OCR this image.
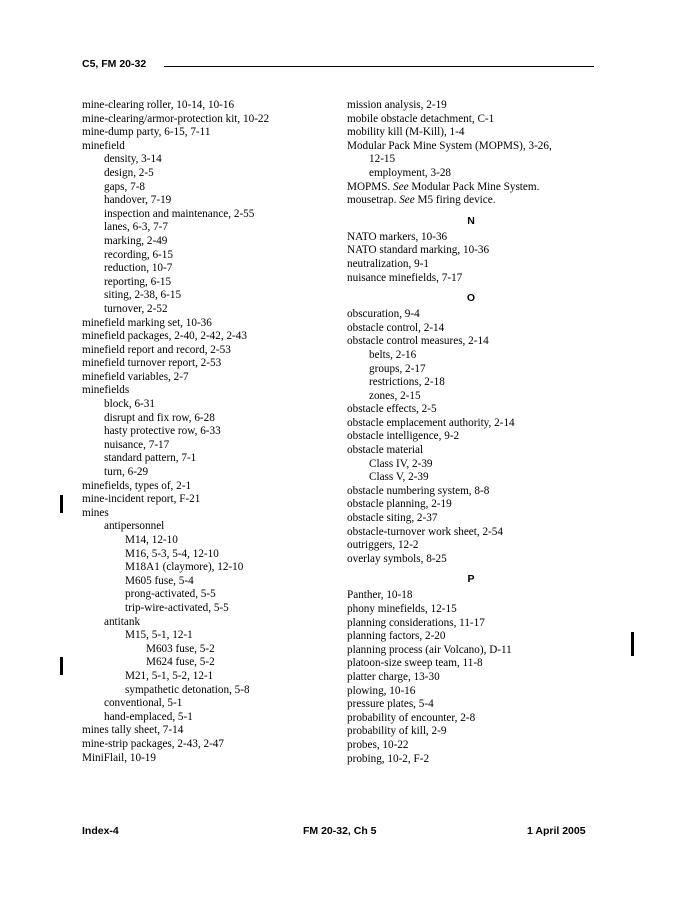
C5, FM 20-32
mine-clearing roller, 10-14, 10-16
mine-clearing/armor-protection kit, 10-22
mine-dump party, 6-15, 7-11
minefield
density, 3-14
design, 2-5
gaps, 7-8
handover, 7-19
inspection and maintenance, 2-55
lanes, 6-3, 7-7
marking, 2-49
recording, 6-15
reduction, 10-7
reporting, 6-15
siting, 2-38, 6-15
turnover, 2-52
minefield marking set, 10-36
minefield packages, 2-40, 2-42, 2-43
minefield report and record, 2-53
minefield turnover report, 2-53
minefield variables, 2-7
minefields
block, 6-31
disrupt and fix row, 6-28
hasty protective row, 6-33
nuisance, 7-17
standard pattern, 7-1
turn, 6-29
minefields, types of, 2-1
mine-incident report, F-21
mines
antipersonnel
M14, 12-10
M16, 5-3, 5-4, 12-10
M18A1 (claymore), 12-10
M605 fuse, 5-4
prong-activated, 5-5
trip-wire-activated, 5-5
antitank
M15, 5-1, 12-1
M603 fuse, 5-2
M624 fuse, 5-2
M21, 5-1, 5-2, 12-1
sympathetic detonation, 5-8
conventional, 5-1
hand-emplaced, 5-1
mines tally sheet, 7-14
mine-strip packages, 2-43, 2-47
MiniFlail, 10-19
mission analysis, 2-19
mobile obstacle detachment, C-1
mobility kill (M-Kill), 1-4
Modular Pack Mine System (MOPMS), 3-26,
12-15
employment, 3-28
MOPMS. See Modular Pack Mine System.
mousetrap. See M5 firing device.
N
NATO markers, 10-36
NATO standard marking, 10-36
neutralization, 9-1
nuisance minefields, 7-17
O
obscuration, 9-4
obstacle control, 2-14
obstacle control measures, 2-14
belts, 2-16
groups, 2-17
restrictions, 2-18
zones, 2-15
obstacle effects, 2-5
obstacle emplacement authority, 2-14
obstacle intelligence, 9-2
obstacle material
Class IV, 2-39
Class V, 2-39
obstacle numbering system, 8-8
obstacle planning, 2-19
obstacle siting, 2-37
obstacle-turnover work sheet, 2-54
outriggers, 12-2
overlay symbols, 8-25
P
Panther, 10-18
phony minefields, 12-15
planning considerations, 11-17
planning factors, 2-20
planning process (air Volcano), D-11
platoon-size sweep team, 11-8
platter charge, 13-30
plowing, 10-16
pressure plates, 5-4
probability of encounter, 2-8
probability of kill, 2-9
probes, 10-22
probing, 10-2, F-2
Index-4	FM 20-32, Ch 5	1 April 2005
